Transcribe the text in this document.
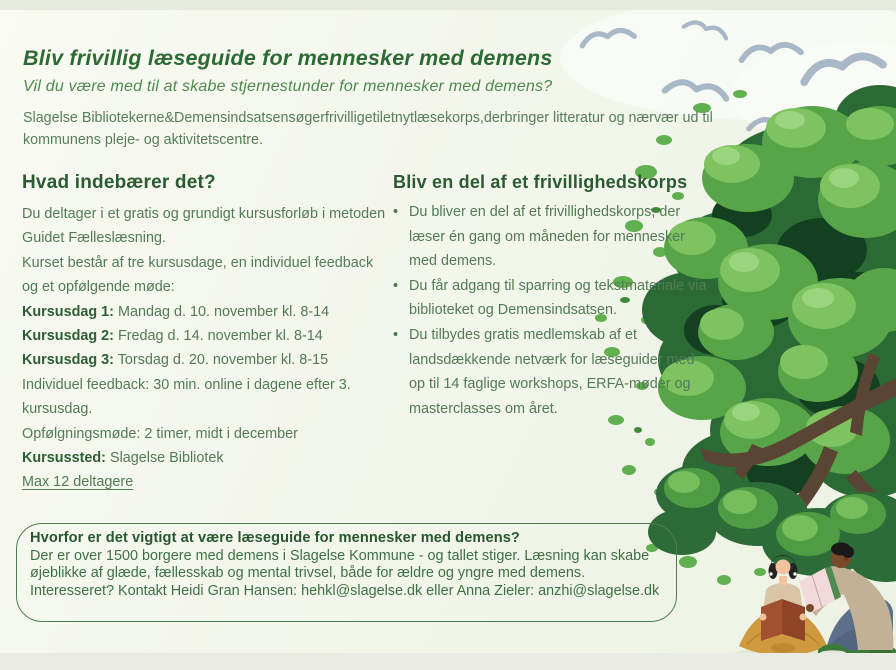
Bliv frivillig læseguide for mennesker med demens

Vil du være med til at skabe stjernestunder for mennesker med demens?

Slagelse Bibliotekerne&Demensindsatsensøgerfrivilligetiletnytlæsekorps,derbringer litteratur og nærvær ud til kommunens pleje- og aktivitetscentre.

Hvad indebærer det?
Du deltager i et gratis og grundigt kursusforløb i metoden Guidet Fælleslæsning.
Kurset består af tre kursusdage, en individuel feedback og et opfølgende møde:
Kursusdag 1: Mandag d. 10. november kl. 8-14
Kursusdag 2: Fredag d. 14. november kl. 8-14
Kursusdag 3: Torsdag d. 20. november kl. 8-15
Individuel feedback: 30 min. online i dagene efter 3. kursusdag.
Opfølgningsmøde: 2 timer, midt i december
Kursussted: Slagelse Bibliotek
Max 12 deltagere
Bliv en del af et frivillighedskorps
• Du bliver en del af et frivillighedskorps, der læser én gang om måneden for mennesker med demens.
• Du får adgang til sparring og tekstmateriale via biblioteket og Demensindsatsen.
• Du tilbydes gratis medlemskab af et landsdækkende netværk for læseguider med op til 14 faglige workshops, ERFA-møder og masterclasses om året.
Hvorfor er det vigtigt at være læseguide for mennesker med demens?
Der er over 1500 borgere med demens i Slagelse Kommune - og tallet stiger. Læsning kan skabe øjeblikke af glæde, fællesskab og mental trivsel, både for ældre og yngre med demens.
Interesseret? Kontakt Heidi Gran Hansen: hehkl@slagelse.dk eller Anna Zieler: anzhi@slagelse.dk
